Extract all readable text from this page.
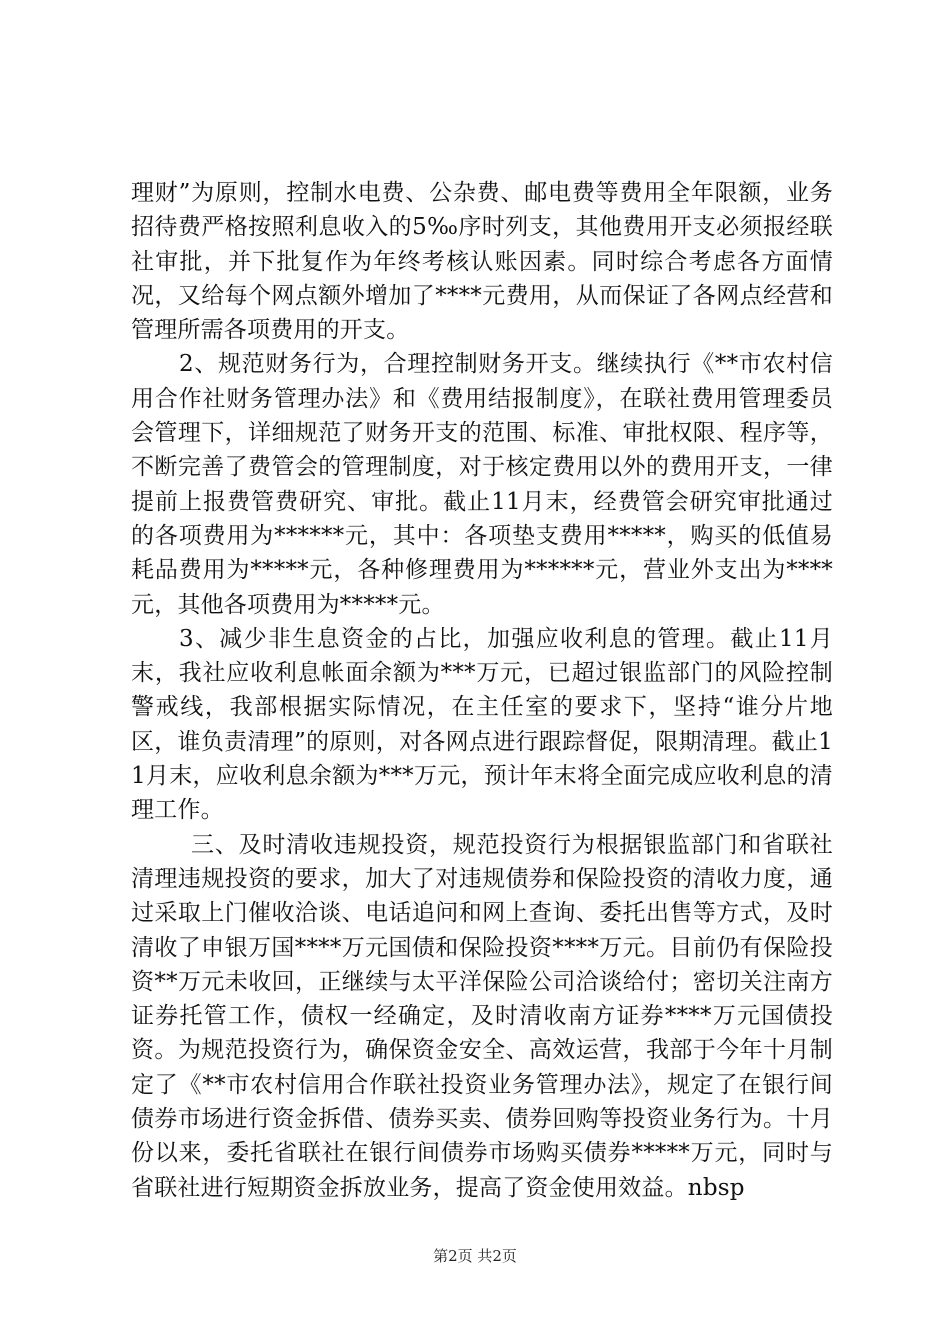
理财”为原则，控制水电费、公杂费、邮电费等费用全年限额，业务招待费严格按照利息收入的5‰序时列支，其他费用开支必须报经联社审批，并下批复作为年终考核认账因素。同时综合考虑各方面情况，又给每个网点额外增加了****元费用，从而保证了各网点经营和管理所需各项费用的开支。

2、规范财务行为，合理控制财务开支。继续执行《**市农村信用合作社财务管理办法》和《费用结报制度》，在联社费用管理委员会管理下，详细规范了财务开支的范围、标准、审批权限、程序等，不断完善了费管会的管理制度，对于核定费用以外的费用开支，一律提前上报费管费研究、审批。截止11月末，经费管会研究审批通过的各项费用为******元，其中：各项垫支费用*****，购买的低值易耗品费用为*****元，各种修理费用为******元，营业外支出为****元，其他各项费用为*****元。

3、减少非生息资金的占比，加强应收利息的管理。截止11月末，我社应收利息帐面余额为***万元，已超过银监部门的风险控制警戒线，我部根据实际情况，在主任室的要求下，坚持“谁分片地区，谁负责清理”的原则，对各网点进行跟踪督促，限期清理。截止11月末，应收利息余额为***万元，预计年末将全面完成应收利息的清理工作。

三、及时清收违规投资，规范投资行为根据银监部门和省联社清理违规投资的要求，加大了对违规债券和保险投资的清收力度，通过采取上门催收洽谈、电话追问和网上查询、委托出售等方式，及时清收了申银万国****万元国债和保险投资****万元。目前仍有保险投资**万元未收回，正继续与太平洋保险公司洽谈给付；密切关注南方证券托管工作，债权一经确定，及时清收南方证券****万元国债投资。为规范投资行为，确保资金安全、高效运营，我部于今年十月制定了《**市农村信用合作联社投资业务管理办法》，规定了在银行间债券市场进行资金拆借、债券买卖、债券回购等投资业务行为。十月份以来，委托省联社在银行间债券市场购买债券*****万元，同时与省联社进行短期资金拆放业务，提高了资金使用效益。nbsp

第2页 共2页
